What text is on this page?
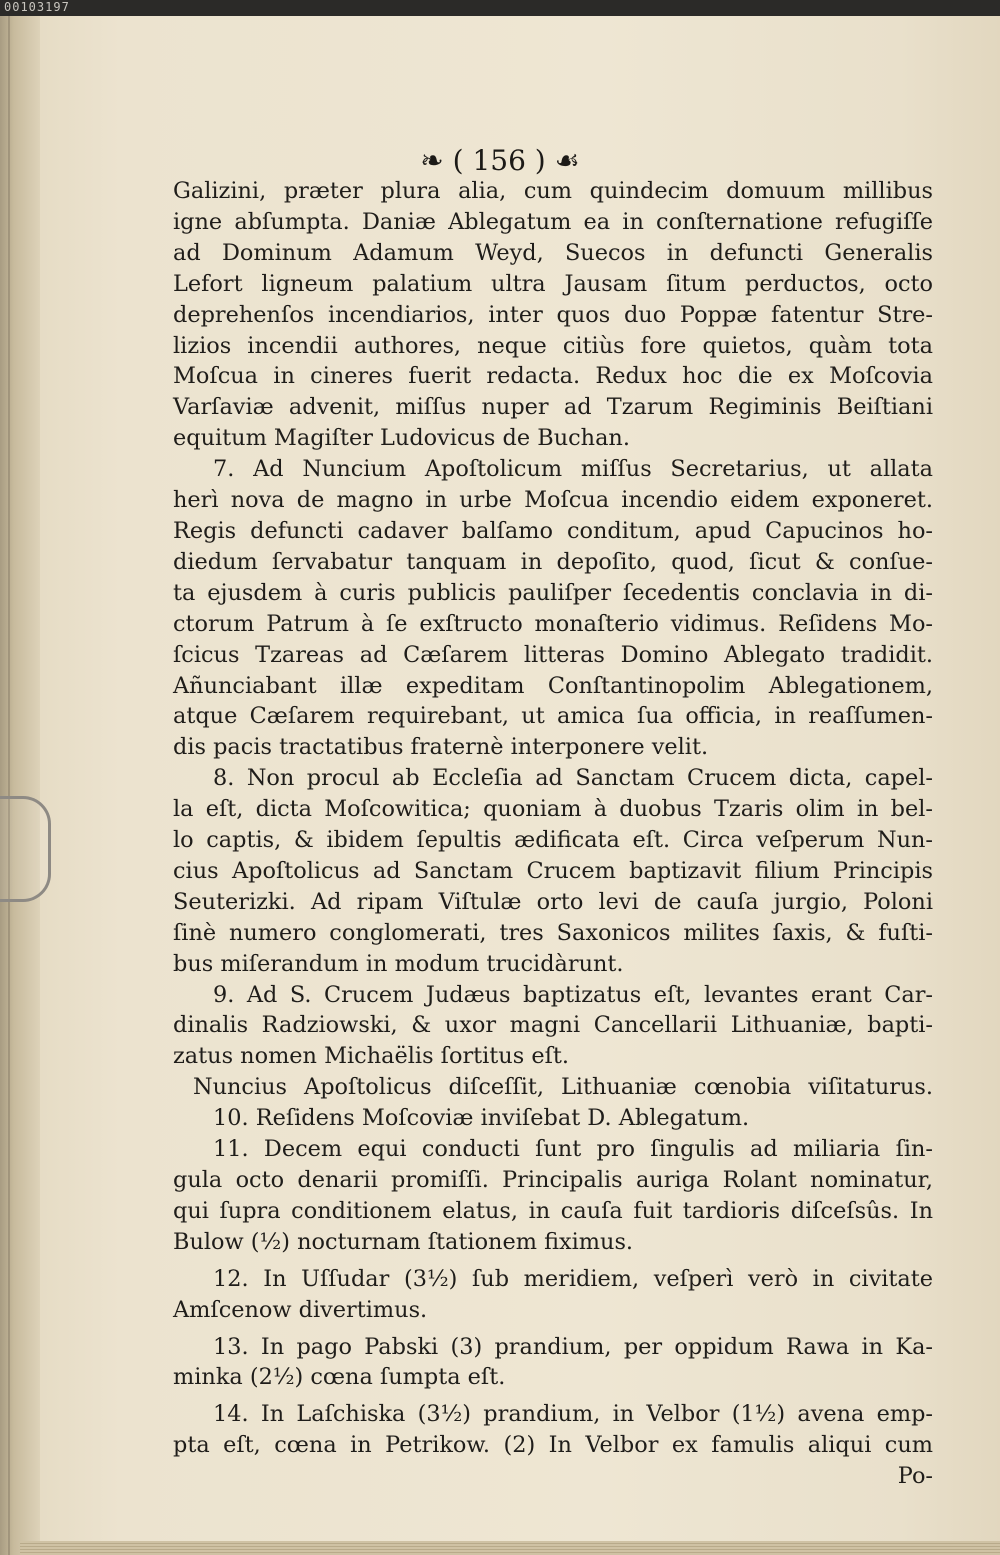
00103197
❧ ( 156 ) ☙
Galizini, præter plura alia, cum quindecim domuum millibus
igne abſumpta. Daniæ Ablegatum ea in conſternatione refugiſſe
ad Dominum Adamum Weyd, Suecos in defuncti Generalis
Lefort ligneum palatium ultra Jausam ſitum perductos, octo
deprehenſos incendiarios, inter quos duo Poppæ fatentur Stre-
lizios incendii authores, neque citiùs fore quietos, quàm tota
Moſcua in cineres fuerit redacta. Redux hoc die ex Moſcovia
Varſaviæ advenit, miſſus nuper ad Tzarum Regiminis Beiſtiani
equitum Magiſter Ludovicus de Buchan.
7. Ad Nuncium Apoſtolicum miſſus Secretarius, ut allata
herì nova de magno in urbe Moſcua incendio eidem exponeret.
Regis defuncti cadaver balſamo conditum, apud Capucinos ho-
diedum ſervabatur tanquam in depoſito, quod, ſicut & conſue-
ta ejusdem à curis publicis pauliſper ſecedentis conclavia in di-
ctorum Patrum à ſe exſtructo monaſterio vidimus. Reſidens Mo-
ſcicus Tzareas ad Cæſarem litteras Domino Ablegato tradidit.
Añunciabant illæ expeditam Conſtantinopolim Ablegationem,
atque Cæſarem requirebant, ut amica ſua officia, in reaſſumen-
dis pacis tractatibus fraternè interponere velit.
8. Non procul ab Eccleſia ad Sanctam Crucem dicta, capel-
la eſt, dicta Moſcowitica; quoniam à duobus Tzaris olim in bel-
lo captis, & ibidem ſepultis ædificata eſt. Circa veſperum Nun-
cius Apoſtolicus ad Sanctam Crucem baptizavit filium Principis
Seuterizki. Ad ripam Viſtulæ orto levi de cauſa jurgio, Poloni
ſinè numero conglomerati, tres Saxonicos milites ſaxis, & fuſti-
bus miſerandum in modum trucidàrunt.
9. Ad S. Crucem Judæus baptizatus eſt, levantes erant Car-
dinalis Radziowski, & uxor magni Cancellarii Lithuaniæ, bapti-
zatus nomen Michaëlis ſortitus eſt.
Nuncius Apoſtolicus diſceſſit, Lithuaniæ cœnobia viſitaturus.
10. Reſidens Moſcoviæ inviſebat D. Ablegatum.
11. Decem equi conducti ſunt pro ſingulis ad miliaria ſin-
gula octo denarii promiſſi. Principalis auriga Rolant nominatur,
qui ſupra conditionem elatus, in cauſa fuit tardioris diſceſsûs. In
Bulow (½) nocturnam ſtationem fiximus.
12. In Uſſudar (3½) ſub meridiem, veſperì verò in civitate
Amſcenow divertimus.
13. In pago Pabski (3) prandium, per oppidum Rawa in Ka-
minka (2½) cœna ſumpta eſt.
14. In Laſchiska (3½) prandium, in Velbor (1½) avena emp-
pta eſt, cœna in Petrikow. (2) In Velbor ex famulis aliqui cum
Po-
